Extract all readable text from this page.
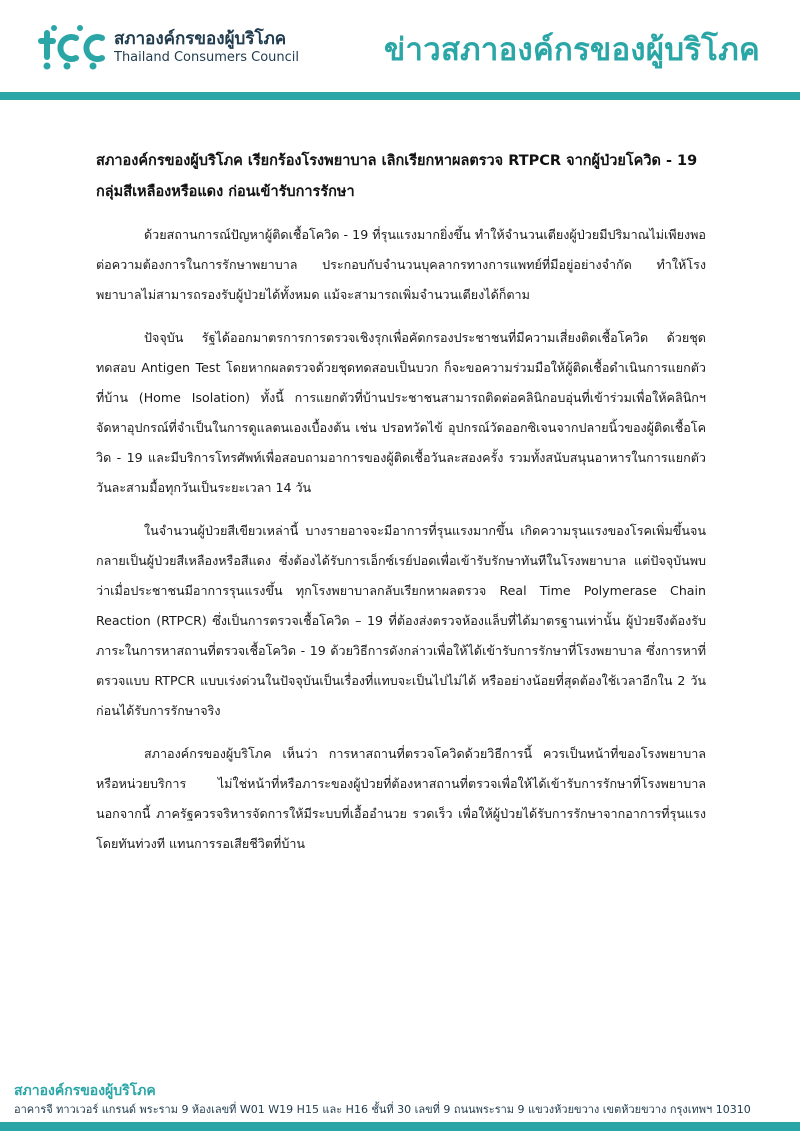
สภาองค์กรของผู้บริโภค
Thailand Consumers Council	ข่าวสภาองค์กรของผู้บริโภค
สภาองค์กรของผู้บริโภค เรียกร้องโรงพยาบาล เลิกเรียกหาผลตรวจ RTPCR จากผู้ป่วยโควิด - 19 กลุ่มสีเหลืองหรือแดง ก่อนเข้ารับการรักษา

ด้วยสถานการณ์ปัญหาผู้ติดเชื้อโควิด - 19 ที่รุนแรงมากยิ่งขึ้น ทำให้จำนวนเตียงผู้ป่วยมีปริมาณไม่เพียงพอต่อความต้องการในการรักษาพยาบาล ประกอบกับจำนวนบุคลากรทางการแพทย์ที่มีอยู่อย่างจำกัด ทำให้โรงพยาบาลไม่สามารถรองรับผู้ป่วยได้ทั้งหมด แม้จะสามารถเพิ่มจำนวนเตียงได้ก็ตาม

ปัจจุบัน รัฐได้ออกมาตรการการตรวจเชิงรุกเพื่อคัดกรองประชาชนที่มีความเสี่ยงติดเชื้อโควิด ด้วยชุดทดสอบ Antigen Test โดยหากผลตรวจด้วยชุดทดสอบเป็นบวก ก็จะขอความร่วมมือให้ผู้ติดเชื้อดำเนินการแยกตัวที่บ้าน (Home Isolation) ทั้งนี้ การแยกตัวที่บ้านประชาชนสามารถติดต่อคลินิกอบอุ่นที่เข้าร่วมเพื่อให้คลินิกฯ จัดหาอุปกรณ์ที่จำเป็นในการดูแลตนเองเบื้องต้น เช่น ปรอทวัดไข้ อุปกรณ์วัดออกซิเจนจากปลายนิ้วของผู้ติดเชื้อโควิด - 19 และมีบริการโทรศัพท์เพื่อสอบถามอาการของผู้ติดเชื้อวันละสองครั้ง รวมทั้งสนับสนุนอาหารในการแยกตัววันละสามมื้อทุกวันเป็นระยะเวลา 14 วัน

ในจำนวนผู้ป่วยสีเขียวเหล่านี้ บางรายอาจจะมีอาการที่รุนแรงมากขึ้น เกิดความรุนแรงของโรคเพิ่มขึ้นจนกลายเป็นผู้ป่วยสีเหลืองหรือสีแดง ซึ่งต้องได้รับการเอ็กซ์เรย์ปอดเพื่อเข้ารับรักษาทันทีในโรงพยาบาล แต่ปัจจุบันพบว่าเมื่อประชาชนมีอาการรุนแรงขึ้น ทุกโรงพยาบาลกลับเรียกหาผลตรวจ Real Time Polymerase Chain Reaction (RTPCR) ซึ่งเป็นการตรวจเชื้อโควิด – 19 ที่ต้องส่งตรวจห้องแล็บที่ได้มาตรฐานเท่านั้น ผู้ป่วยจึงต้องรับภาระในการหาสถานที่ตรวจเชื้อโควิด - 19 ด้วยวิธีการดังกล่าวเพื่อให้ได้เข้ารับการรักษาที่โรงพยาบาล ซึ่งการหาที่ตรวจแบบ RTPCR แบบเร่งด่วนในปัจจุบันเป็นเรื่องที่แทบจะเป็นไปไม่ได้ หรืออย่างน้อยที่สุดต้องใช้เวลาอีกใน 2 วัน ก่อนได้รับการรักษาจริง

สภาองค์กรของผู้บริโภค เห็นว่า การหาสถานที่ตรวจโควิดด้วยวิธีการนี้ ควรเป็นหน้าที่ของโรงพยาบาลหรือหน่วยบริการ ไม่ใช่หน้าที่หรือภาระของผู้ป่วยที่ต้องหาสถานที่ตรวจเพื่อให้ได้เข้ารับการรักษาที่โรงพยาบาล นอกจากนี้ ภาครัฐควรจริหารจัดการให้มีระบบที่เอื้ออำนวย รวดเร็ว เพื่อให้ผู้ป่วยได้รับการรักษาจากอาการที่รุนแรงโดยทันท่วงที แทนการรอเสียชีวิตที่บ้าน

สภาองค์กรของผู้บริโภค
อาคารจี ทาวเวอร์ แกรนด์ พระราม 9 ห้องเลขที่ W01 W19 H15 และ H16 ชั้นที่ 30 เลขที่ 9 ถนนพระราม 9 แขวงห้วยขวาง เขตห้วยขวาง กรุงเทพฯ 10310
